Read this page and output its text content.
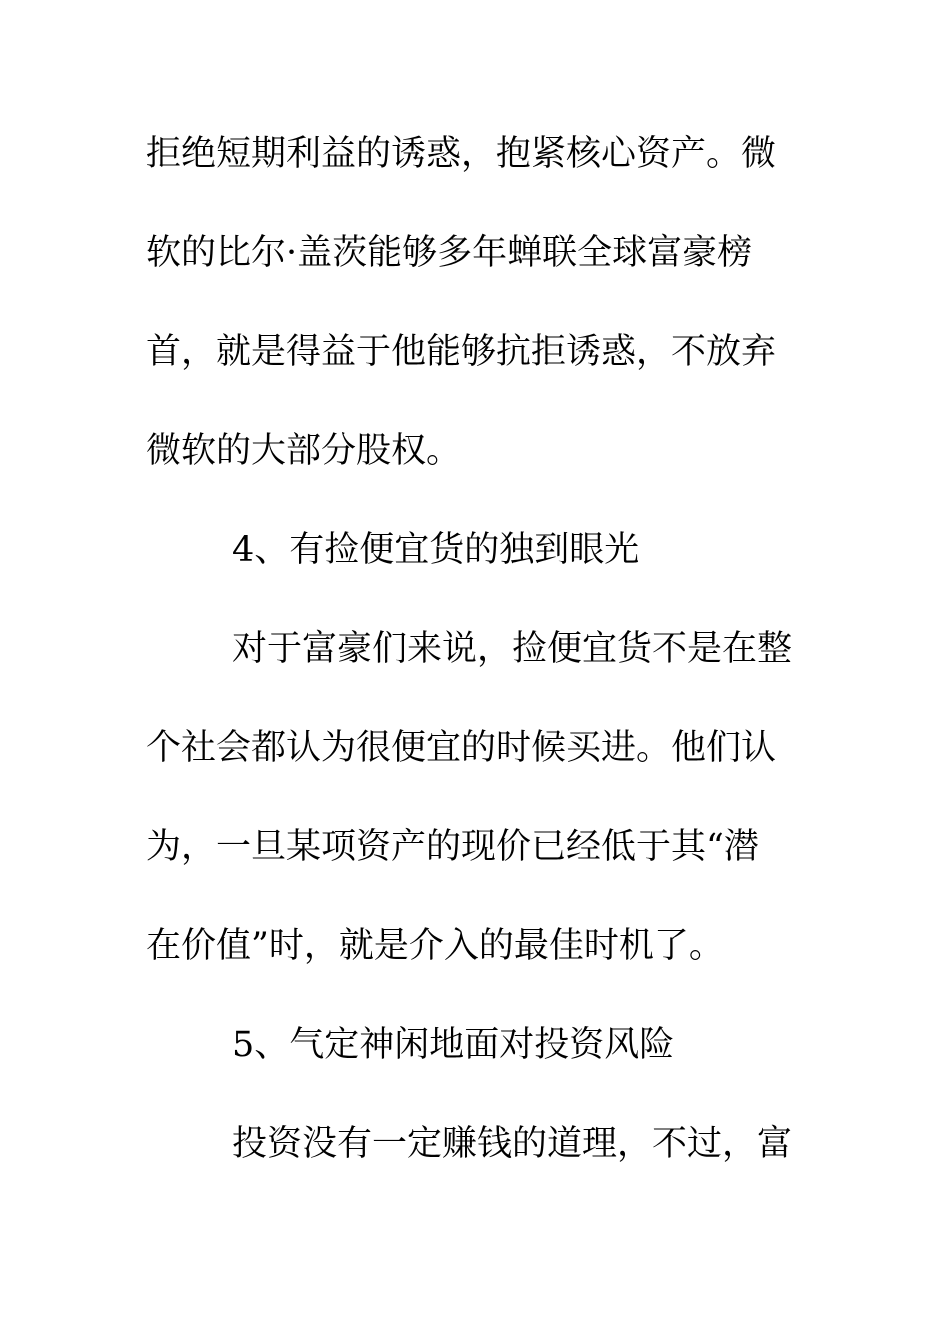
拒绝短期利益的诱惑，抱紧核心资产。微
软的比尔·盖茨能够多年蝉联全球富豪榜
首，就是得益于他能够抗拒诱惑，不放弃
微软的大部分股权。
4、有捡便宜货的独到眼光
对于富豪们来说，捡便宜货不是在整
个社会都认为很便宜的时候买进。他们认
为，一旦某项资产的现价已经低于其“潜
在价值”时，就是介入的最佳时机了。
5、气定神闲地面对投资风险
投资没有一定赚钱的道理，不过，富
